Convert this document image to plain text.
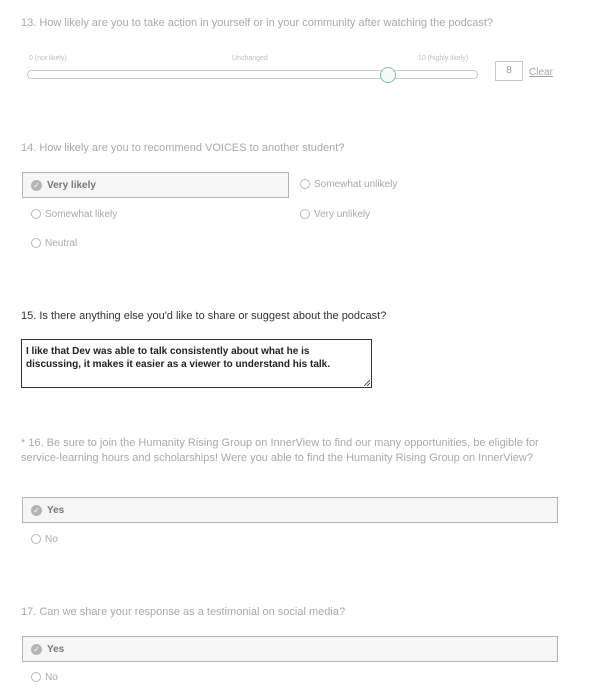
13. How likely are you to take action in yourself or in your community after watching the podcast?
0 (not likely)	Unchanged	10 (highly likely)
8	Clear
14. How likely are you to recommend VOICES to another student?
✓ Very likely	Somewhat unlikely
Somewhat likely	Very unlikely
Neutral
15. Is there anything else you'd like to share or suggest about the podcast?
I like that Dev was able to talk consistently about what he is discussing, it makes it easier as a viewer to understand his talk.
* 16. Be sure to join the Humanity Rising Group on InnerView to find our many opportunities, be eligible for service-learning hours and scholarships! Were you able to find the Humanity Rising Group on InnerView?
✓ Yes
No
17. Can we share your response as a testimonial on social media?
✓ Yes
No
